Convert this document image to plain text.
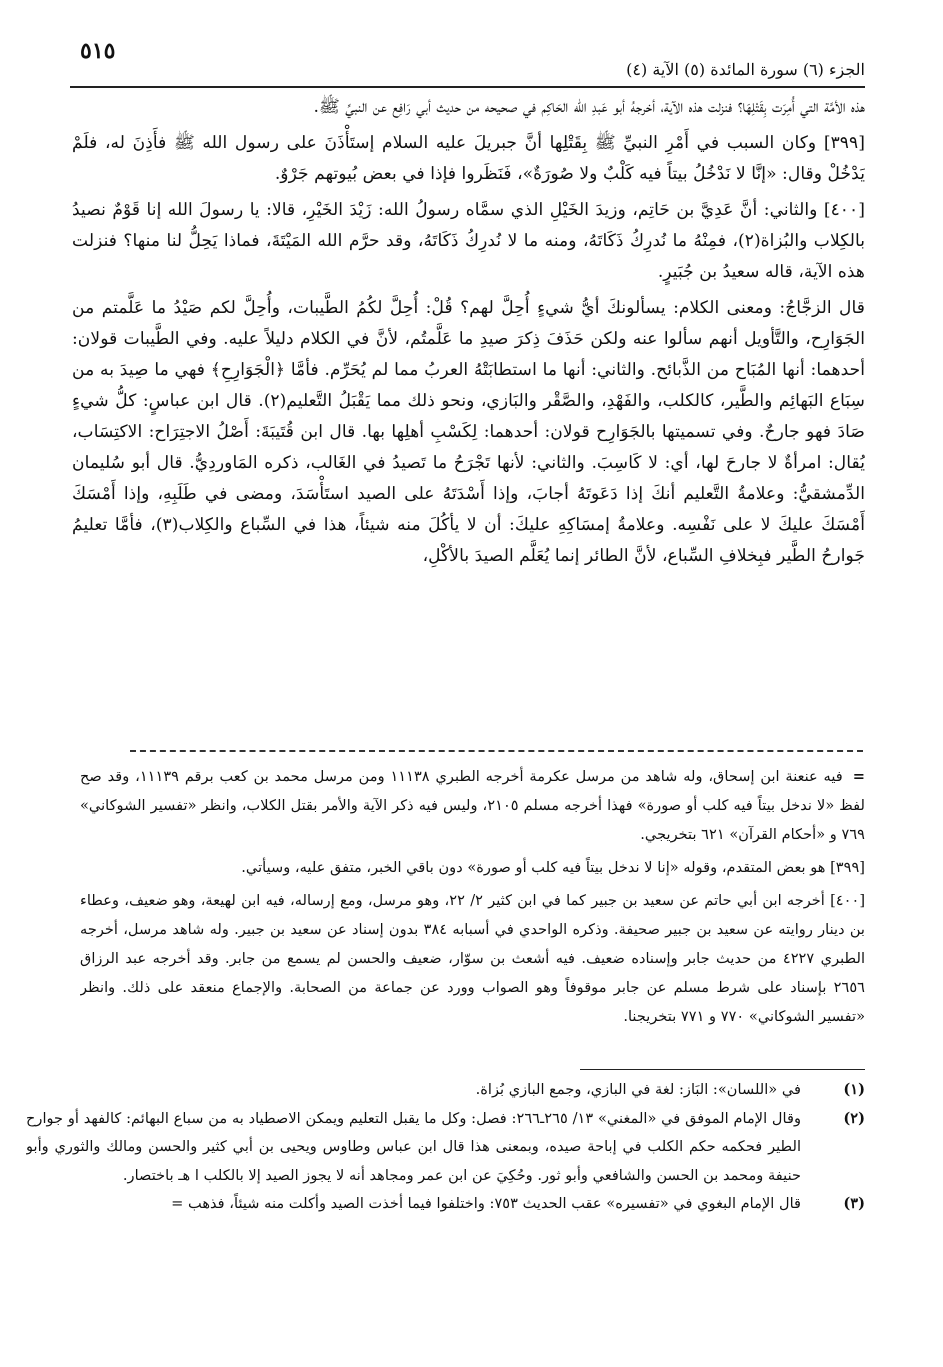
٥١٥
الجزء (٦) سورة المائدة (٥) الآية (٤)

هذه الأمَّة التي أُمِرَت بِقَتْلِهَا؟ فنزلت هذه الآية، أخرجهُ أبو عَبدِ الله الحَاكِم في صحيحه من حديث أبي رَافِع عن النبيِّ ﷺ.

[٣٩٩] وكان السبب في أَمْرِ النبيِّ ﷺ بِقَتْلِها أنَّ جبريلَ عليه السلام إستَأْذَنَ على رسول الله ﷺ فأَذِنَ له، فلَمْ يَدْخُلْ وقال: «إنَّا لا نَدْخُلُ بيتاً فيه كَلْبٌ ولا صُورَةٌ»، فَنَظَروا فإذا في بعض بُيوتهم جَرْوٌ.

[٤٠٠] والثاني: أنَّ عَدِيَّ بن حَاتِم، وزيدَ الخَيْلِ الذي سمَّاه رسولُ الله: زَيْدَ الخَيْرِ، قالا: يا رسولَ الله إنا قَوْمٌ نصيدُ بالكِلاب والبُزاة(٢)، فمِنْهُ ما نُدرِكُ ذَكَاتَهُ، ومنه ما لا نُدرِكُ ذَكَاتَهُ، وقد حرَّم الله المَيْتَةَ، فماذا يَحِلُّ لنا منها؟ فنزلت هذه الآية، قاله سعيدُ بن جُبَيرٍ.

قال الزجَّاجُ: ومعنى الكلام: يسألونكَ أيُّ شيءٍ أُحِلَّ لهم؟ قُلْ: أُحِلَّ لكُمُ الطَّيبات، وأُحِلَّ لكم صَيْدُ ما عَلَّمتم من الجَوَارِح، والتَّأويل أنهم سألوا عنه ولكن حَذَفَ ذِكرَ صيدِ ما عَلَّمتُم، لأنَّ في الكلام دليلاً عليه. وفي الطَّيبات قولان: أحدهما: أنها المُبَاح من الذَّبائح. والثاني: أنها ما استطابَتْهُ العربُ مما لم يُحَرِّم. فأمَّا ﴿الْجَوَارِحِ﴾ فهي ما صِيدَ به من سِبَاع البَهائِم والطَّير، كالكلب، والفَهْدِ، والصَّقْر والبَازي، ونحو ذلك مما يَقْبَلُ التَّعليم(٢). قال ابن عباسٍ: كلُّ شيءٍ صَادَ فهو جارحٌ. وفي تسميتها بالجَوَارِح قولان: أحدهما: لِكَسْبِ أهلِها بها. قال ابن قُتَيبَةَ: أَصْلُ الاجتِرَاح: الاكتِسَاب، يُقال: امرأةٌ لا جارحَ لها، أي: لا كَاسِبَ. والثاني: لأنها تَجْرَحُ ما تَصيدُ في الغَالب، ذكره المَاوردِيُّ. قال أبو سُليمان الدِّمشقيُّ: وعلامةُ التَّعليم أنكَ إذا دَعَوتَهُ أجابَ، وإذا أَسْدَتَهُ على الصيد استَأْسَدَ، ومضى في طَلَبِهِ، وإذا أَمْسَكَ أَمْسَكَ عليكَ لا على نَفْسِه. وعلامةُ إمسَاكِهِ عليكَ: أن لا يأكُلَ منه شيئاً، هذا في السِّباع والكِلاب(٣)، فأمَّا تعليمُ جَوارحُ الطَّير فبِخلافِ السِّباع، لأنَّ الطائر إنما يُعَلَّم الصيدَ بالأكْلِ،

=فيه عنعنة ابن إسحاق، وله شاهد من مرسل عكرمة أخرجه الطبري ١١١٣٨ ومن مرسل محمد بن كعب برقم ١١١٣٩، وقد صح لفظ «لا ندخل بيتاً فيه كلب أو صورة» فهذا أخرجه مسلم ٢١٠٥، وليس فيه ذكر الآية والأمر بقتل الكلاب، وانظر «تفسير الشوكاني» ٧٦٩ و «أحكام القرآن» ٦٢١ بتخريجي.

[٣٩٩] هو بعض المتقدم، وقوله «إنا لا ندخل بيتاً فيه كلب أو صورة» دون باقي الخبر، متفق عليه، وسيأتي.

[٤٠٠] أخرجه ابن أبي حاتم عن سعيد بن جبير كما في ابن كثير ٢/ ٢٢، وهو مرسل، ومع إرساله، فيه ابن لهيعة، وهو ضعيف، وعطاء بن دينار روايته عن سعيد بن جبير صحيفة. وذكره الواحدي في أسبابه ٣٨٤ بدون إسناد عن سعيد بن جبير. وله شاهد مرسل، أخرجه الطبري ٤٢٢٧ من حديث جابر وإسناده ضعيف. فيه أشعث بن سوّار، ضعيف والحسن لم يسمع من جابر. وقد أخرجه عبد الرزاق ٢٦٥٦ بإسناد على شرط مسلم عن جابر موقوفاً وهو الصواب وورد عن جماعة من الصحابة. والإجماع منعقد على ذلك. وانظر «تفسير الشوكاني» ٧٧٠ و ٧٧١ بتخريجنا.

(١)
في «اللسان»: البَاز: لغة في البازي، وجمع البازي بُزاة.
(٢)
وقال الإمام الموفق في «المغني» ١٣/ ٢٦٥ـ٢٦٦: فصل: وكل ما يقبل التعليم ويمكن الاصطياد به من سباع البهائم: كالفهد أو جوارح الطير فحكمه حكم الكلب في إباحة صيده، وبمعنى هذا قال ابن عباس وطاوس ويحيى بن أبي كثير والحسن ومالك والثوري وأبو حنيفة ومحمد بن الحسن والشافعي وأبو ثور. وحُكِيَ عن ابن عمر ومجاهد أنه لا يجوز الصيد إلا بالكلب ا هـ باختصار.
(٣)
قال الإمام البغوي في «تفسيره» عقب الحديث ٧٥٣: واختلفوا فيما أخذت الصيد وأكلت منه شيئاً، فذهب =
